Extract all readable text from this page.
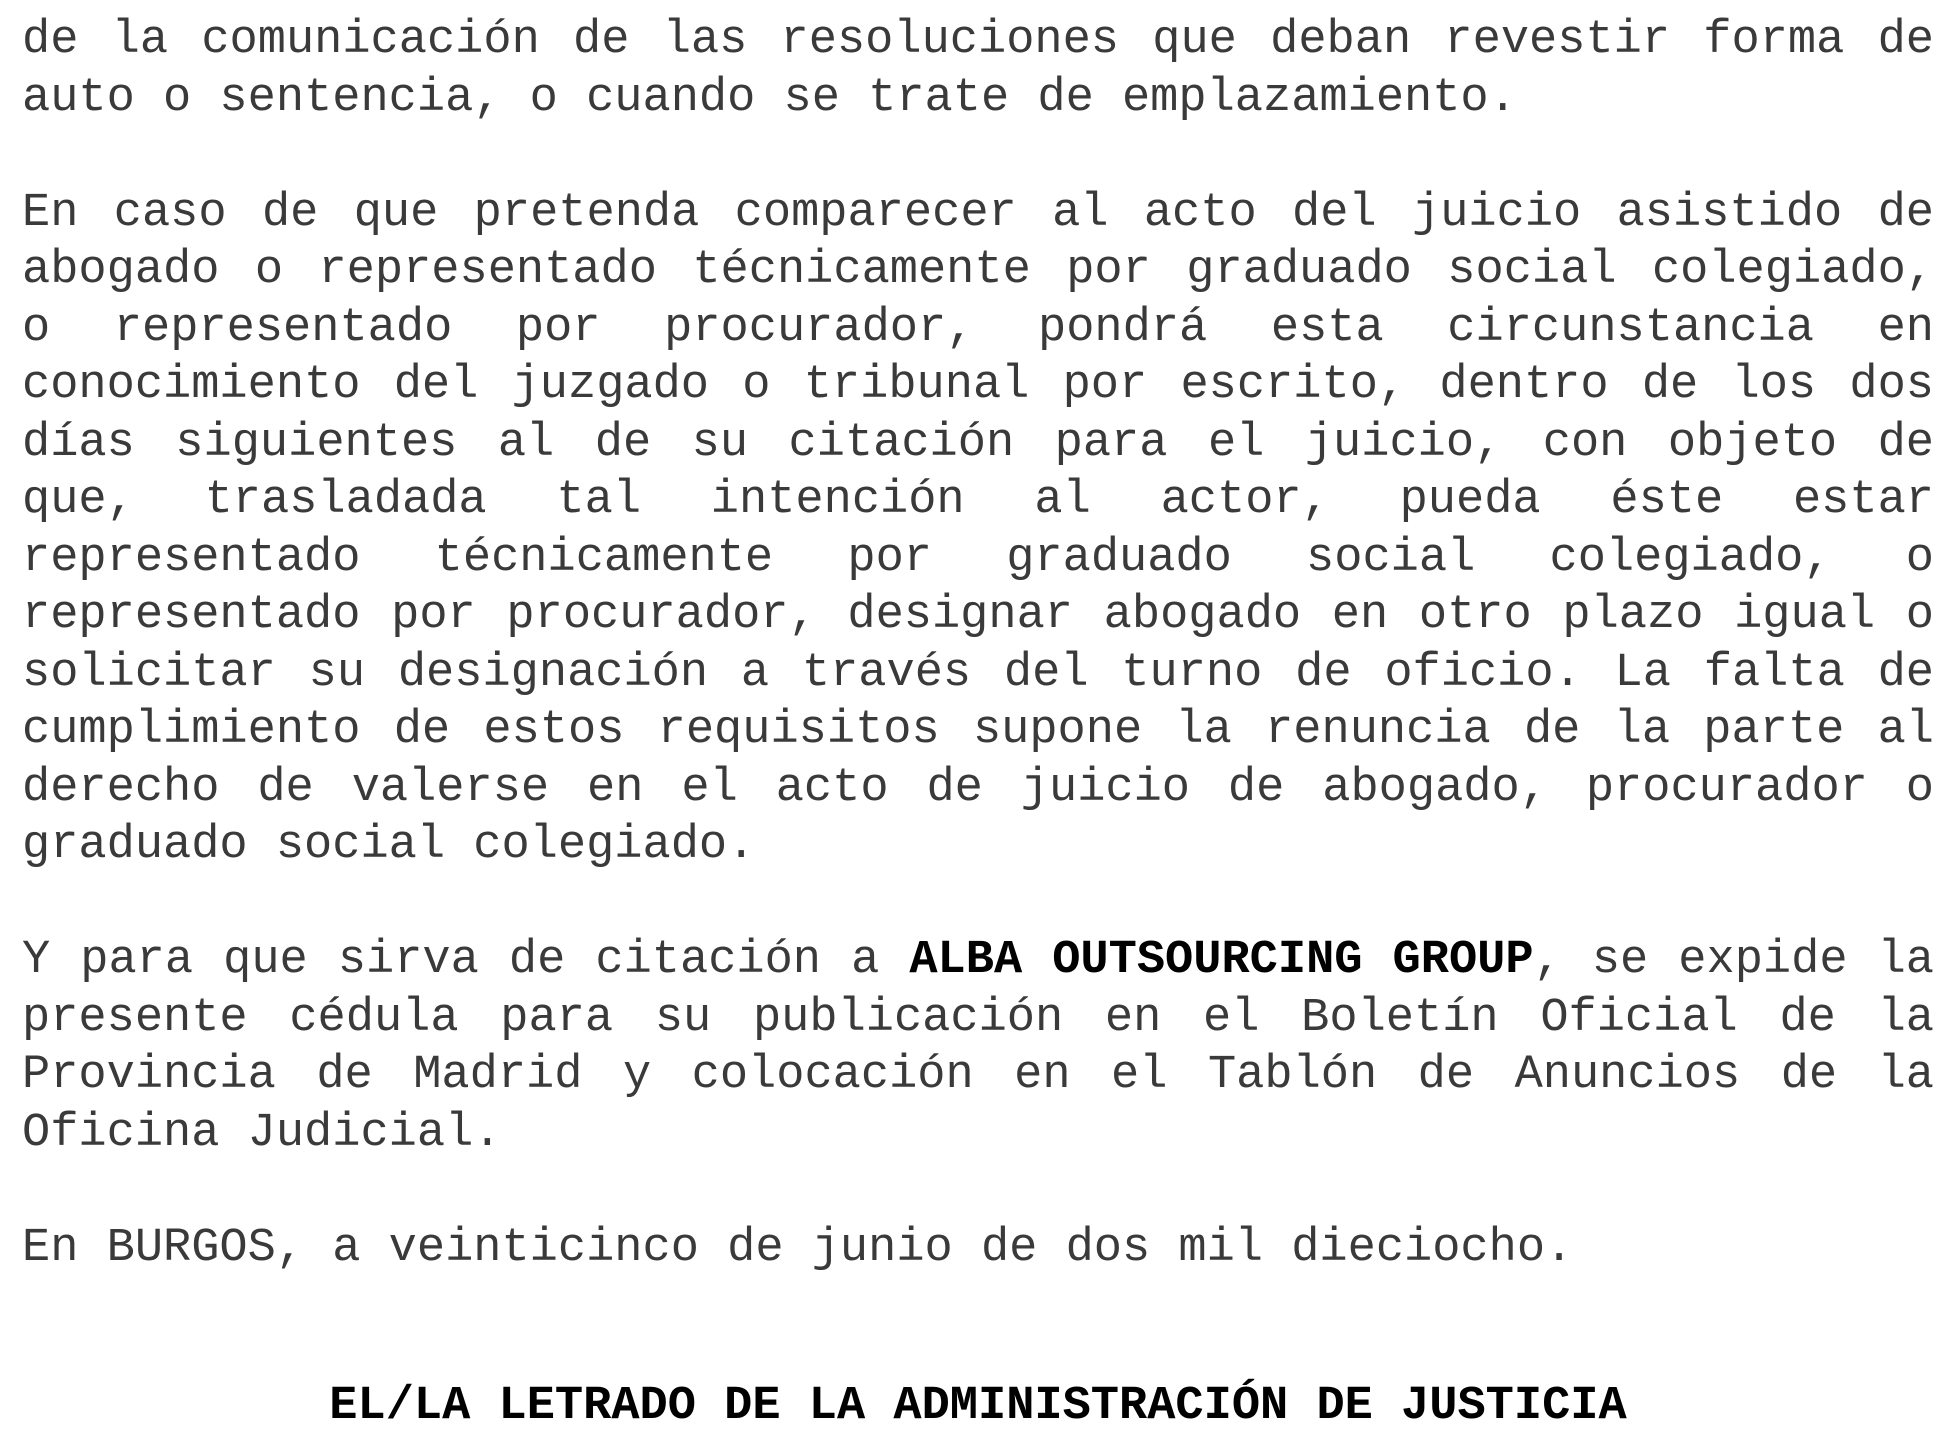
de la comunicación de las resoluciones que deban revestir forma de auto o sentencia, o cuando se trate de emplazamiento.

En caso de que pretenda comparecer al acto del juicio asistido de abogado o representado técnicamente por graduado social colegiado, o representado por procurador, pondrá esta circunstancia en conocimiento del juzgado o tribunal por escrito, dentro de los dos días siguientes al de su citación para el juicio, con objeto de que, trasladada tal intención al actor, pueda éste estar representado técnicamente por graduado social colegiado, o representado por procurador, designar abogado en otro plazo igual o solicitar su designación a través del turno de oficio. La falta de cumplimiento de estos requisitos supone la renuncia de la parte al derecho de valerse en el acto de juicio de abogado, procurador o graduado social colegiado.

Y para que sirva de citación a ALBA OUTSOURCING GROUP, se expide la presente cédula para su publicación en el Boletín Oficial de la Provincia de Madrid y colocación en el Tablón de Anuncios de la Oficina Judicial.

En BURGOS, a veinticinco de junio de dos mil dieciocho.

EL/LA LETRADO DE LA ADMINISTRACIÓN DE JUSTICIA
